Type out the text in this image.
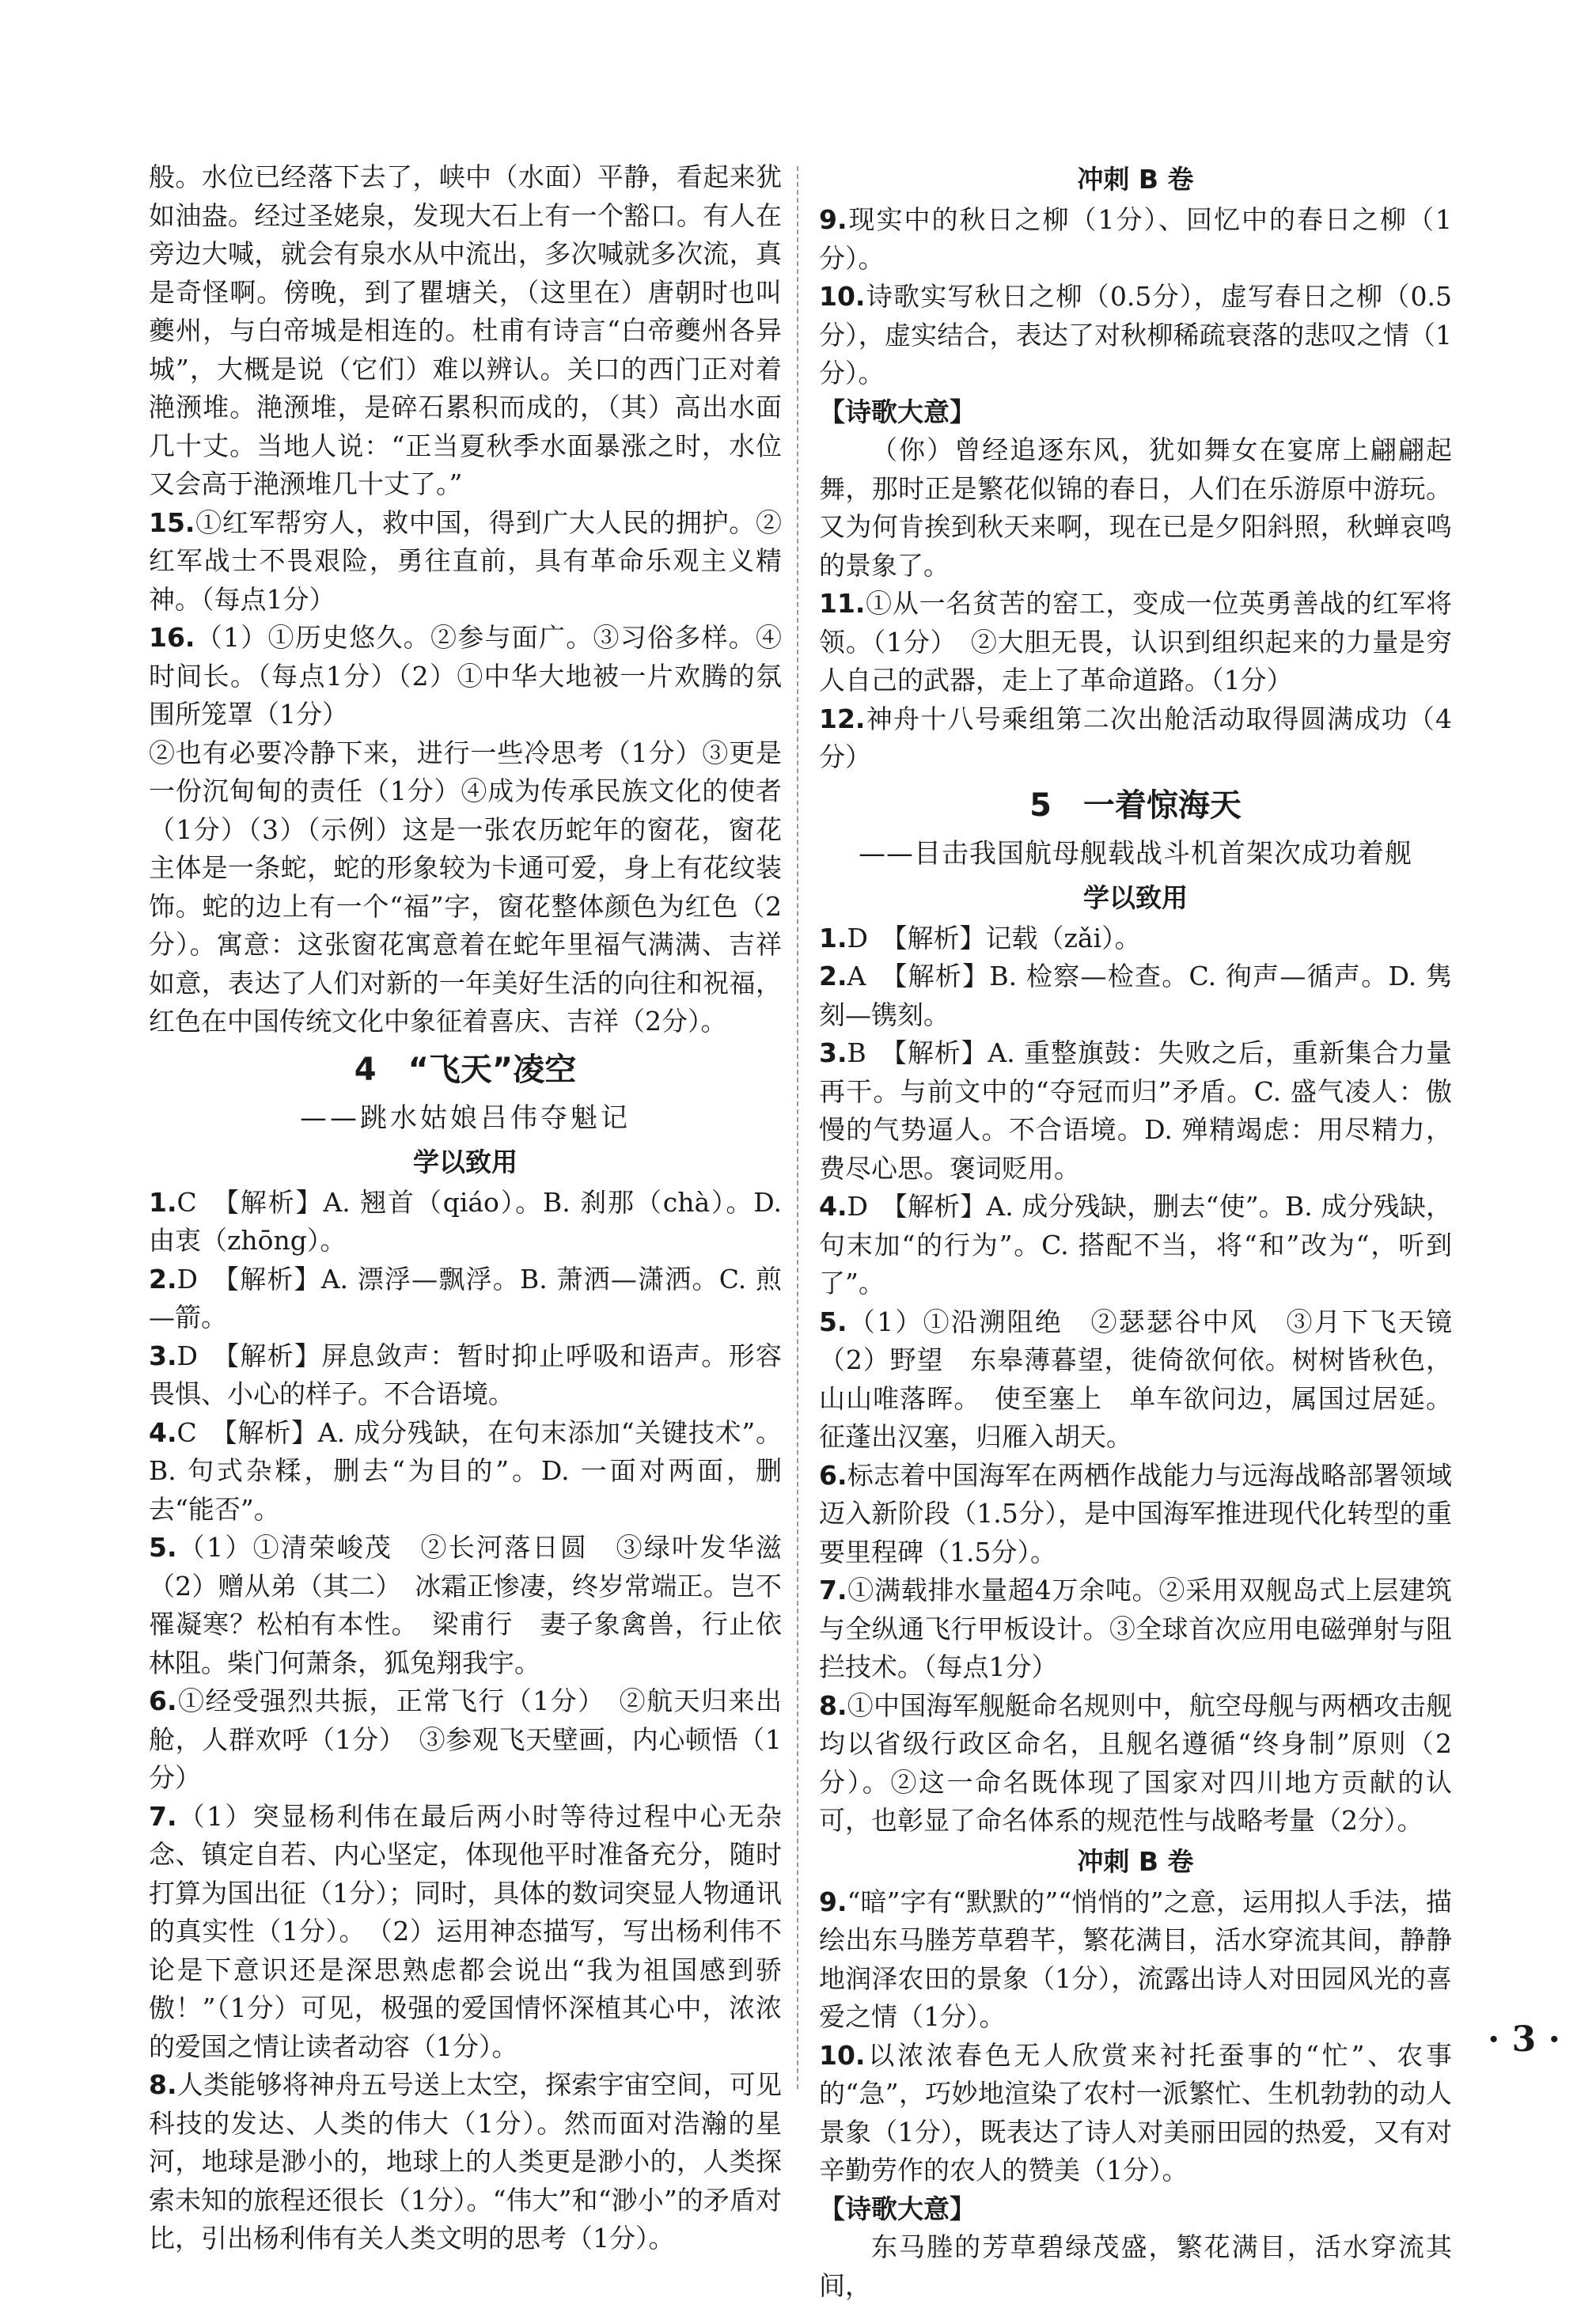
般。水位已经落下去了，峡中（水面）平静，看起来犹如油盎。经过圣姥泉，发现大石上有一个豁口。有人在旁边大喊，就会有泉水从中流出，多次喊就多次流，真是奇怪啊。傍晚，到了瞿塘关，（这里在）唐朝时也叫夔州，与白帝城是相连的。杜甫有诗言“白帝夔州各异城”，大概是说（它们）难以辨认。关口的西门正对着滟滪堆。滟滪堆，是碎石累积而成的，（其）高出水面几十丈。当地人说：“正当夏秋季水面暴涨之时，水位又会高于滟滪堆几十丈了。”

15.①红军帮穷人，救中国，得到广大人民的拥护。②红军战士不畏艰险，勇往直前，具有革命乐观主义精神。（每点1分）

16.（1）①历史悠久。②参与面广。③习俗多样。④时间长。（每点1分）（2）①中华大地被一片欢腾的氛围所笼罩（1分）

②也有必要冷静下来，进行一些冷思考（1分）③更是一份沉甸甸的责任（1分）④成为传承民族文化的使者（1分）（3）（示例）这是一张农历蛇年的窗花，窗花主体是一条蛇，蛇的形象较为卡通可爱，身上有花纹装饰。蛇的边上有一个“福”字，窗花整体颜色为红色（2分）。寓意：这张窗花寓意着在蛇年里福气满满、吉祥如意，表达了人们对新的一年美好生活的向往和祝福，红色在中国传统文化中象征着喜庆、吉祥（2分）。

4　“飞天”凌空
——跳水姑娘吕伟夺魁记
学以致用

1.C　【解析】A. 翘首（qiáo）。B. 刹那（chà）。D. 由衷（zhōng）。

2.D　【解析】A. 漂浮—飘浮。B. 萧洒—潇洒。C. 煎—箭。

3.D　【解析】屏息敛声：暂时抑止呼吸和语声。形容畏惧、小心的样子。不合语境。

4.C　【解析】A. 成分残缺，在句末添加“关键技术”。B. 句式杂糅，删去“为目的”。D. 一面对两面，删去“能否”。

5.（1）①清荣峻茂　②长河落日圆　③绿叶发华滋　（2）赠从弟（其二）　冰霜正惨凄，终岁常端正。岂不罹凝寒？松柏有本性。　梁甫行　妻子象禽兽，行止依林阻。柴门何萧条，狐兔翔我宇。

6.①经受强烈共振，正常飞行（1分）　②航天归来出舱，人群欢呼（1分）　③参观飞天壁画，内心顿悟（1分）

7.（1）突显杨利伟在最后两小时等待过程中心无杂念、镇定自若、内心坚定，体现他平时准备充分，随时打算为国出征（1分）；同时，具体的数词突显人物通讯的真实性（1分）。　（2）运用神态描写，写出杨利伟不论是下意识还是深思熟虑都会说出“我为祖国感到骄傲！”（1分）可见，极强的爱国情怀深植其心中，浓浓的爱国之情让读者动容（1分）。

8.人类能够将神舟五号送上太空，探索宇宙空间，可见科技的发达、人类的伟大（1分）。然而面对浩瀚的星河，地球是渺小的，地球上的人类更是渺小的，人类探索未知的旅程还很长（1分）。“伟大”和“渺小”的矛盾对比，引出杨利伟有关人类文明的思考（1分）。

冲刺 B 卷

9.现实中的秋日之柳（1分）、回忆中的春日之柳（1分）。

10.诗歌实写秋日之柳（0.5分），虚写春日之柳（0.5分），虚实结合，表达了对秋柳稀疏衰落的悲叹之情（1分）。

【诗歌大意】

（你）曾经追逐东风，犹如舞女在宴席上翩翩起舞，那时正是繁花似锦的春日，人们在乐游原中游玩。又为何肯挨到秋天来啊，现在已是夕阳斜照，秋蝉哀鸣的景象了。

11.①从一名贫苦的窑工，变成一位英勇善战的红军将领。（1分）　②大胆无畏，认识到组织起来的力量是穷人自己的武器，走上了革命道路。（1分）

12.神舟十八号乘组第二次出舱活动取得圆满成功（4分）

5　一着惊海天
——目击我国航母舰载战斗机首架次成功着舰
学以致用

1.D　【解析】记载（zǎi）。

2.A　【解析】B. 检察—检查。C. 徇声—循声。D. 隽刻—镌刻。

3.B　【解析】A. 重整旗鼓：失败之后，重新集合力量再干。与前文中的“夺冠而归”矛盾。C. 盛气凌人：傲慢的气势逼人。不合语境。D. 殚精竭虑：用尽精力，费尽心思。褒词贬用。

4.D　【解析】A. 成分残缺，删去“使”。B. 成分残缺，句末加“的行为”。C. 搭配不当，将“和”改为“，听到了”。

5.（1）①沿溯阻绝　②瑟瑟谷中风　③月下飞天镜　（2）野望　东皋薄暮望，徙倚欲何依。树树皆秋色，山山唯落晖。　使至塞上　单车欲问边，属国过居延。征蓬出汉塞，归雁入胡天。

6.标志着中国海军在两栖作战能力与远海战略部署领域迈入新阶段（1.5分），是中国海军推进现代化转型的重要里程碑（1.5分）。

7.①满载排水量超4万余吨。②采用双舰岛式上层建筑与全纵通飞行甲板设计。③全球首次应用电磁弹射与阻拦技术。（每点1分）

8.①中国海军舰艇命名规则中，航空母舰与两栖攻击舰均以省级行政区命名，且舰名遵循“终身制”原则（2分）。②这一命名既体现了国家对四川地方贡献的认可，也彰显了命名体系的规范性与战略考量（2分）。

冲刺 B 卷

9.“暗”字有“默默的”“悄悄的”之意，运用拟人手法，描绘出东马塍芳草碧芊，繁花满目，活水穿流其间，静静地润泽农田的景象（1分），流露出诗人对田园风光的喜爱之情（1分）。

10.以浓浓春色无人欣赏来衬托蚕事的“忙”、农事的“急”，巧妙地渲染了农村一派繁忙、生机勃勃的动人景象（1分），既表达了诗人对美丽田园的热爱，又有对辛勤劳作的农人的赞美（1分）。

【诗歌大意】

东马塍的芳草碧绿茂盛，繁花满目，活水穿流其间，

· 3 ·
